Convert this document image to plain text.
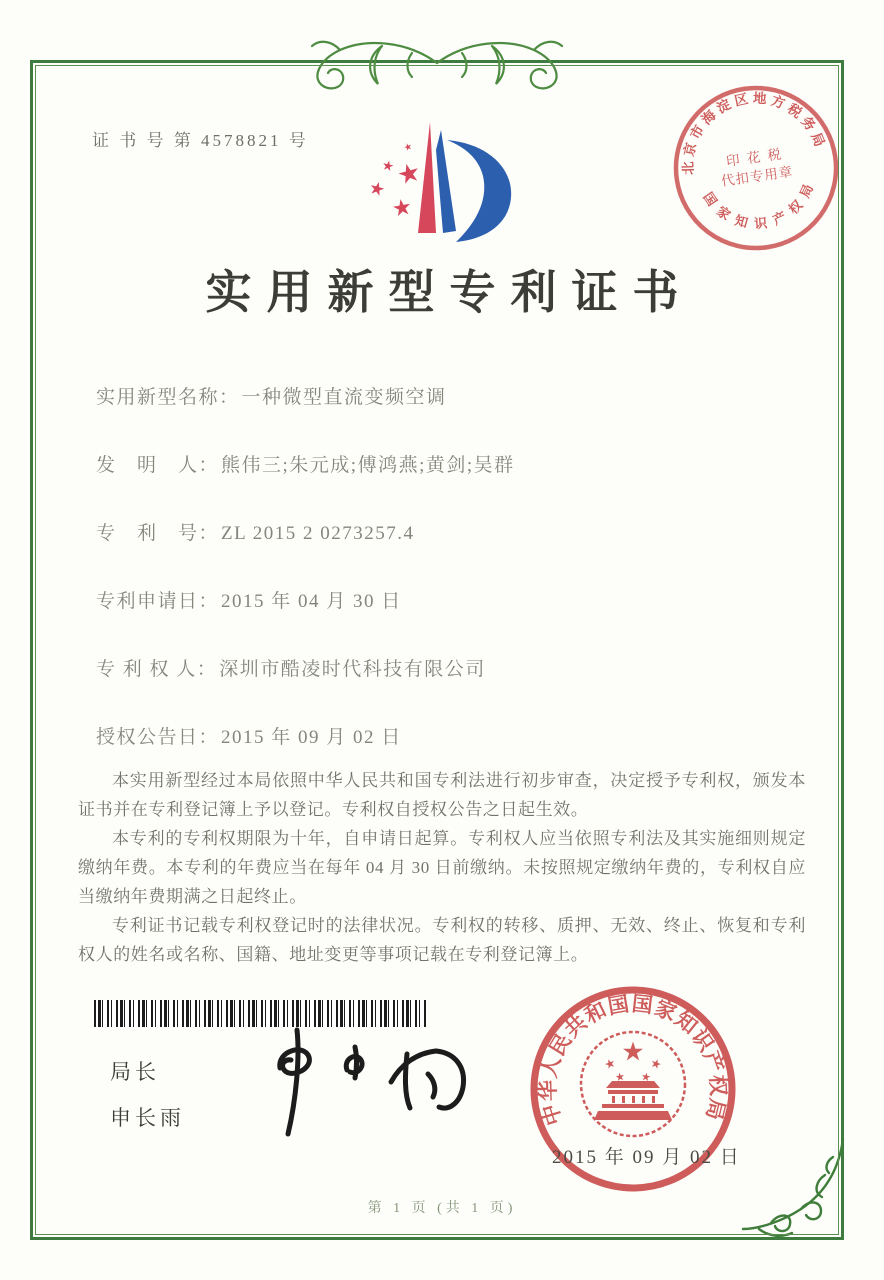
证 书 号 第 4578821 号
北京市海淀区地方税务局
国家知识产权局
印 花 税
代扣专用章
实用新型专利证书
实用新型名称： 一种微型直流变频空调
发　明　人： 熊伟三;朱元成;傅鸿燕;黄剑;吴群
专　利　号： ZL 2015 2 0273257.4
专利申请日： 2015 年 04 月 30 日
专 利 权 人： 深圳市酷凌时代科技有限公司
授权公告日： 2015 年 09 月 02 日

本实用新型经过本局依照中华人民共和国专利法进行初步审查，决定授予专利权，颁发本证书并在专利登记簿上予以登记。专利权自授权公告之日起生效。

本专利的专利权期限为十年，自申请日起算。专利权人应当依照专利法及其实施细则规定缴纳年费。本专利的年费应当在每年 04 月 30 日前缴纳。未按照规定缴纳年费的，专利权自应当缴纳年费期满之日起终止。

专利证书记载专利权登记时的法律状况。专利权的转移、质押、无效、终止、恢复和专利权人的姓名或名称、国籍、地址变更等事项记载在专利登记簿上。

局长
申长雨	中华人民共和国国家知识产权局
2015 年 09 月 02 日
第 1 页 (共 1 页)
